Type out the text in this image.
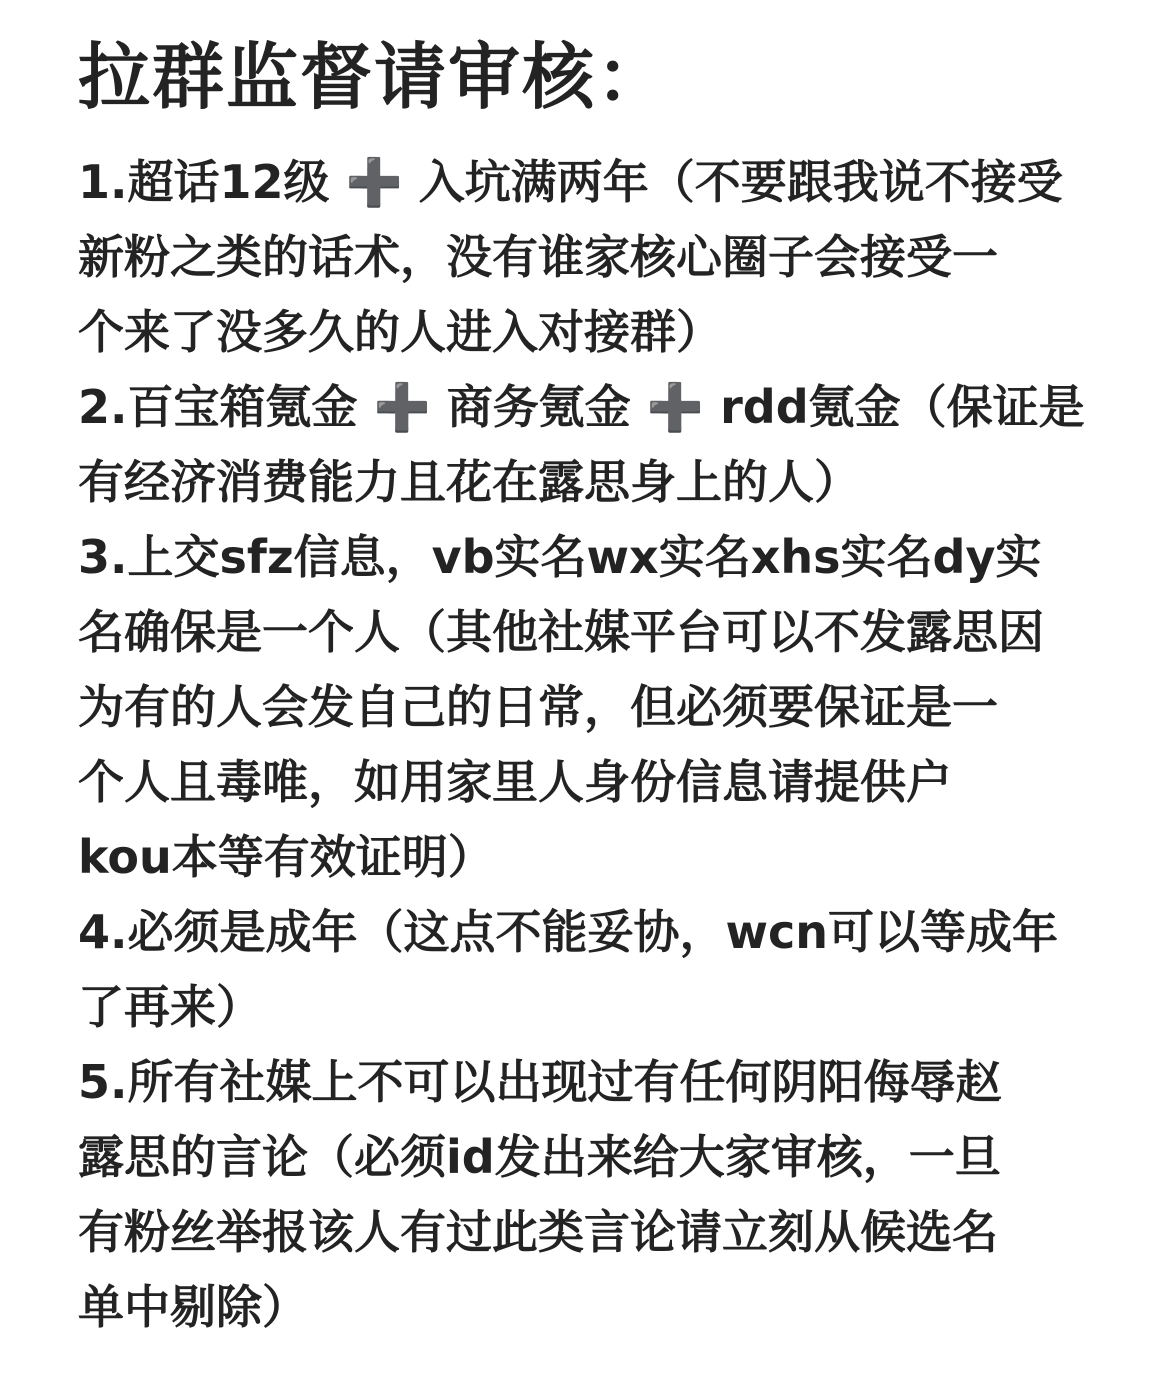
拉群监督请审核：

1.超话12级 ➕ 入坑满两年（不要跟我说不接受

新粉之类的话术，没有谁家核心圈子会接受一

个来了没多久的人进入对接群）

2.百宝箱氪金 ➕ 商务氪金 ➕ rdd氪金（保证是

有经济消费能力且花在露思身上的人）

3.上交sfz信息，vb实名wx实名xhs实名dy实

名确保是一个人（其他社媒平台可以不发露思因

为有的人会发自己的日常，但必须要保证是一

个人且毒唯，如用家里人身份信息请提供户

kou本等有效证明）

4.必须是成年（这点不能妥协，wcn可以等成年

了再来）

5.所有社媒上不可以出现过有任何阴阳侮辱赵

露思的言论（必须id发出来给大家审核，一旦

有粉丝举报该人有过此类言论请立刻从候选名

单中剔除）
